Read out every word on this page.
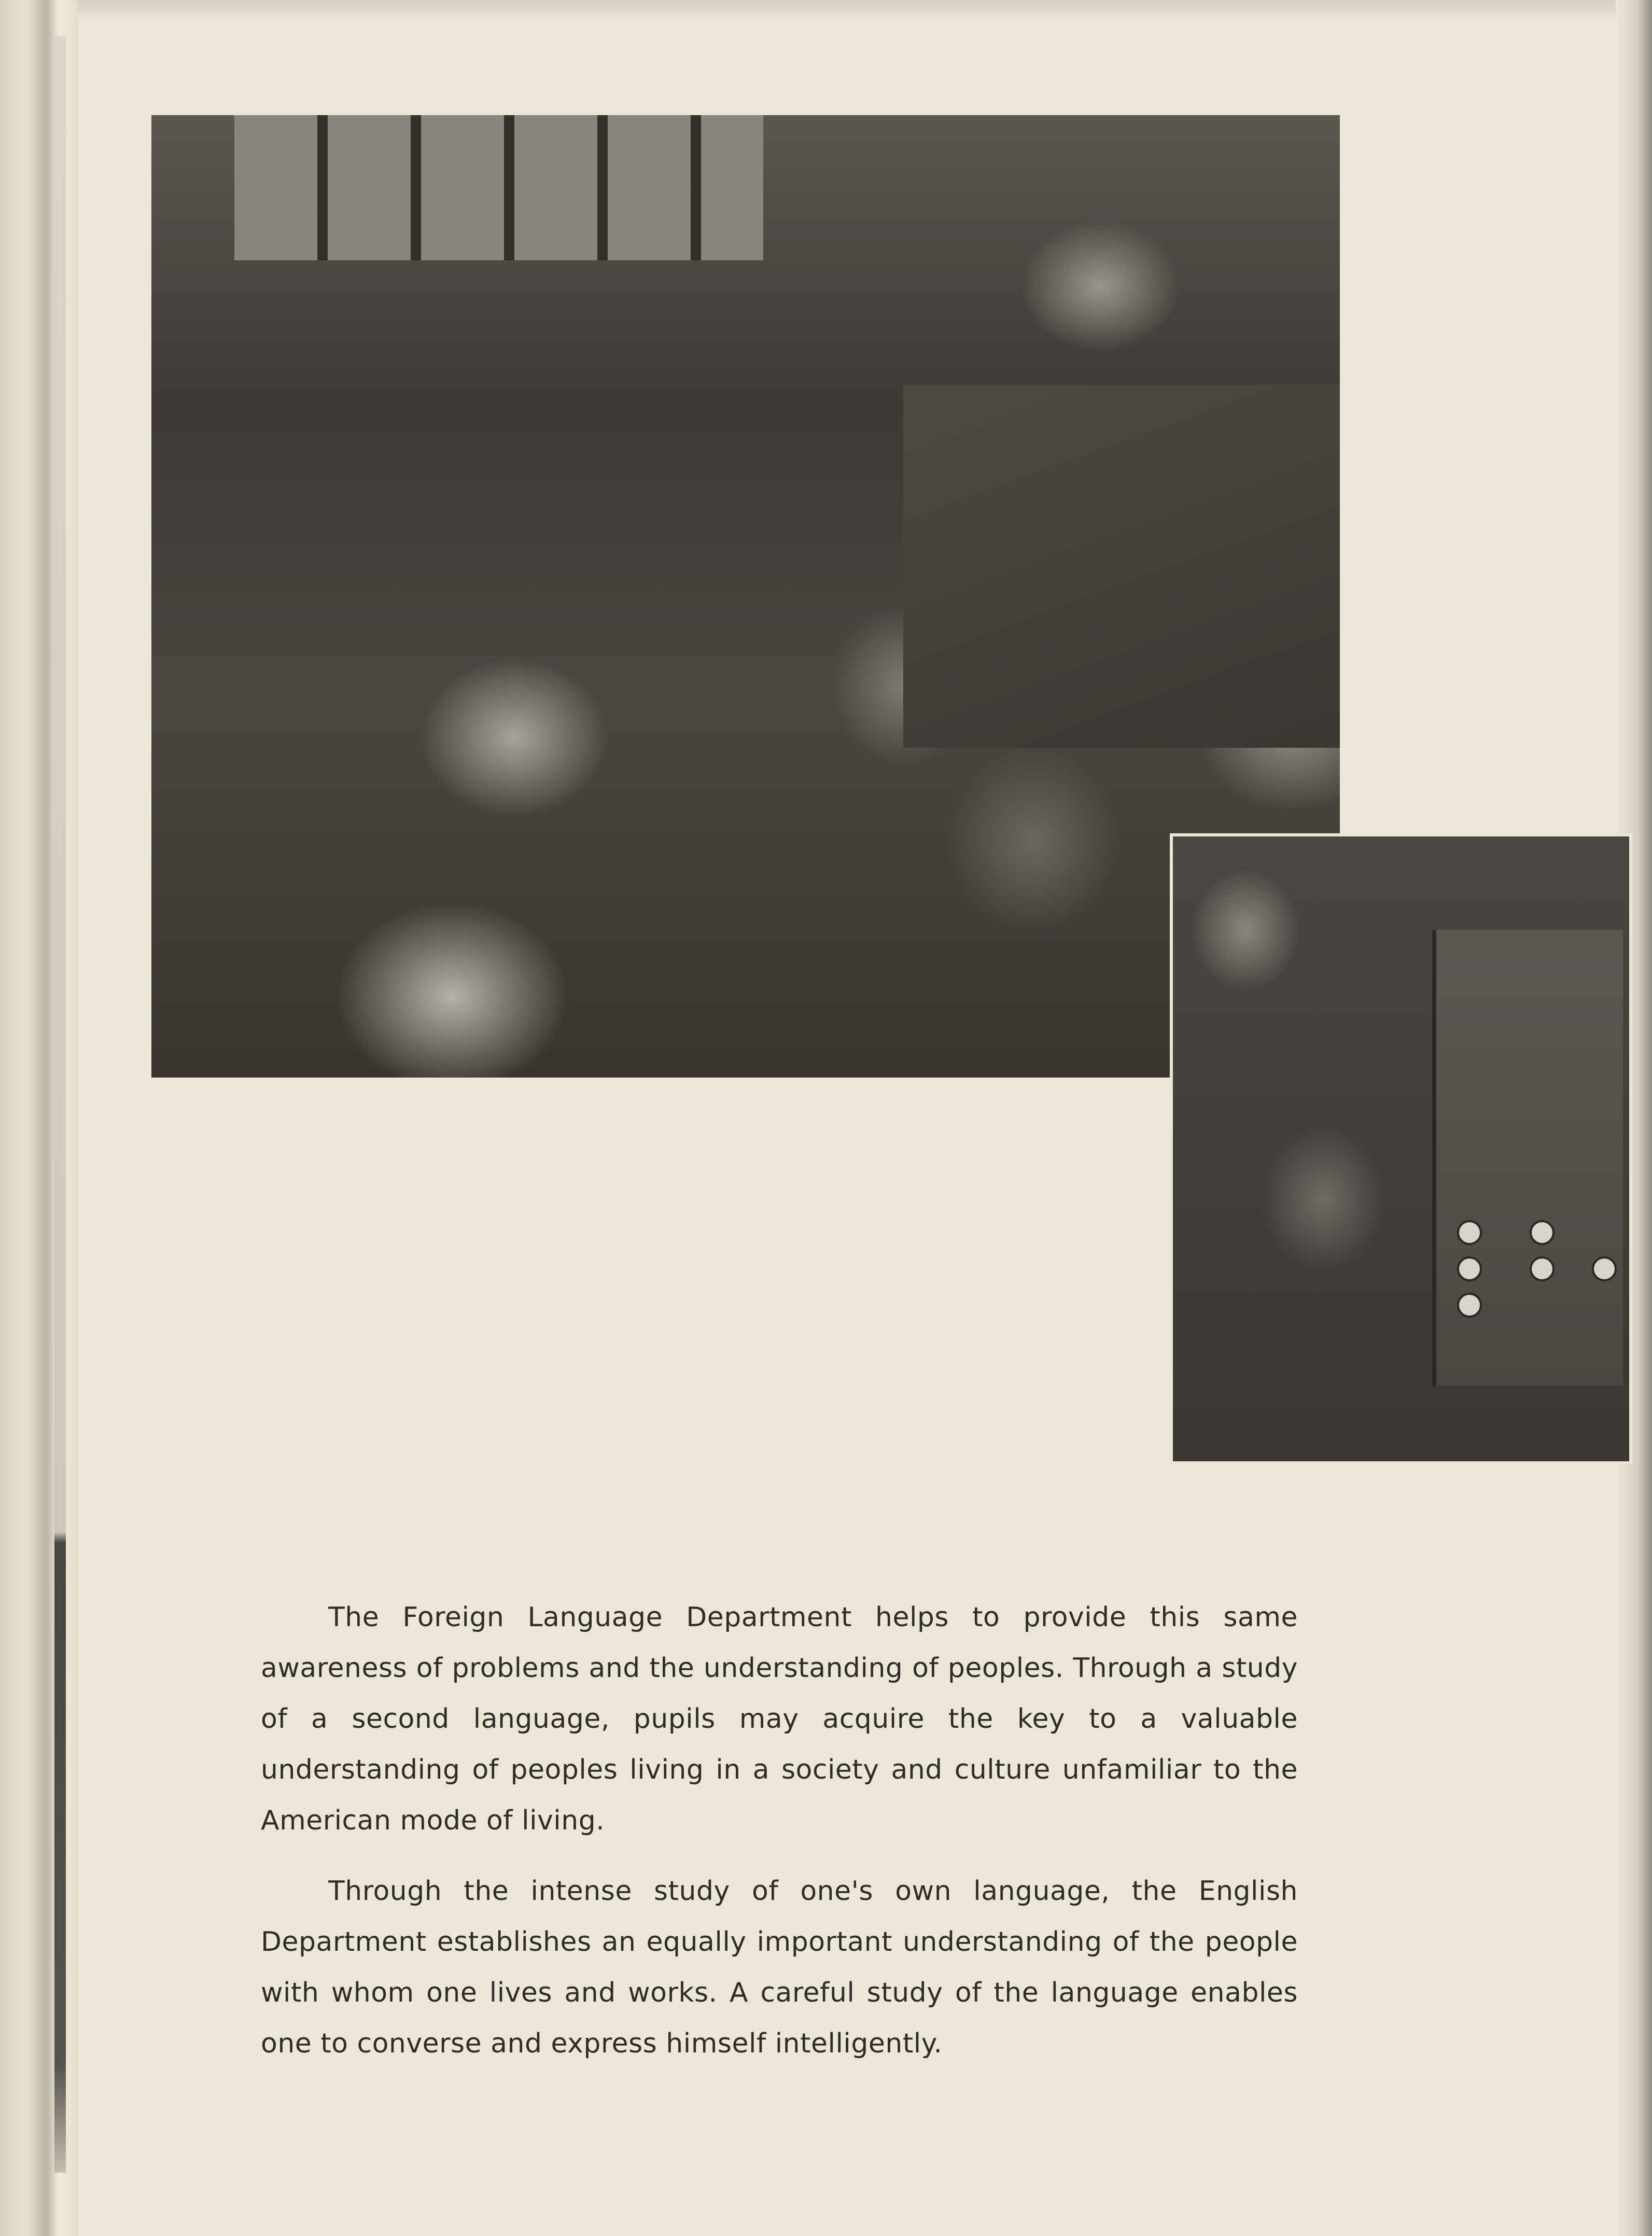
The Foreign Language Department helps to provide this same awareness of problems and the understanding of peoples. Through a study of a second language, pupils may acquire the key to a valuable understanding of peoples living in a society and culture unfamiliar to the American mode of living.

Through the intense study of one's own language, the English Department establishes an equally important understanding of the people with whom one lives and works. A careful study of the language enables one to converse and express himself intelligently.
